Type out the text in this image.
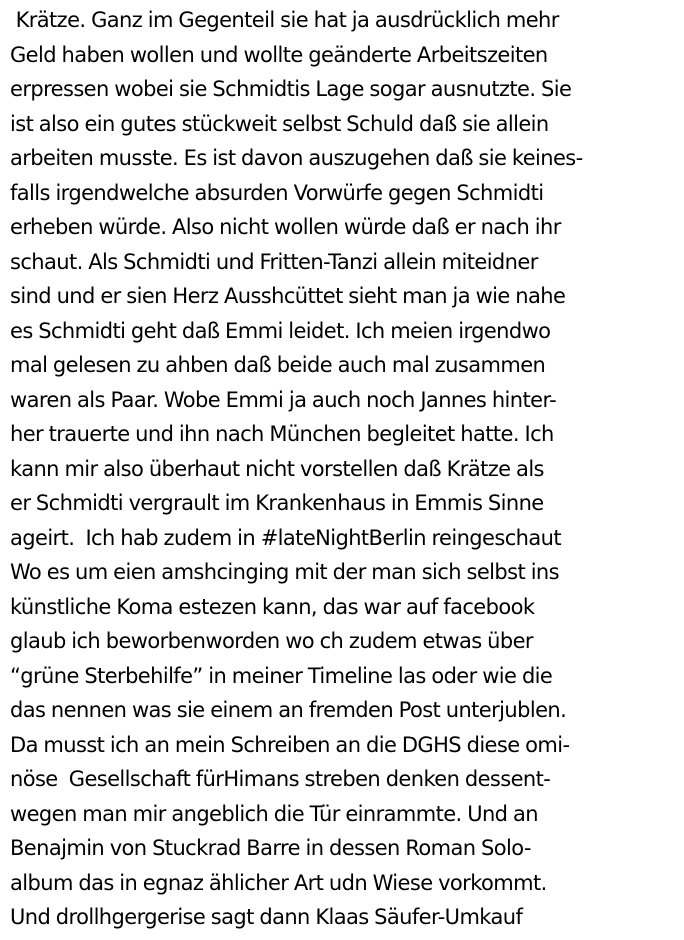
Krätze. Ganz im Gegenteil sie hat ja ausdrücklich mehr
Geld haben wollen und wollte geänderte Arbeitszeiten
erpressen wobei sie Schmidtis Lage sogar ausnutzte. Sie
ist also ein gutes stückweit selbst Schuld daß sie allein
arbeiten musste. Es ist davon auszugehen daß sie keines-
falls irgendwelche absurden Vorwürfe gegen Schmidti
erheben würde. Also nicht wollen würde daß er nach ihr
schaut. Als Schmidti und Fritten-Tanzi allein miteidner
sind und er sien Herz Ausshcüttet sieht man ja wie nahe
es Schmidti geht daß Emmi leidet. Ich meien irgendwo
mal gelesen zu ahben daß beide auch mal zusammen
waren als Paar. Wobe Emmi ja auch noch Jannes hinter-
her trauerte und ihn nach München begleitet hatte. Ich
kann mir also überhaut nicht vorstellen daß Krätze als
er Schmidti vergrault im Krankenhaus in Emmis Sinne
ageirt.  Ich hab zudem in #lateNightBerlin reingeschaut
Wo es um eien amshcinging mit der man sich selbst ins
künstliche Koma estezen kann, das war auf facebook
glaub ich beworbenworden wo ch zudem etwas über
“grüne Sterbehilfe” in meiner Timeline las oder wie die
das nennen was sie einem an fremden Post unterjublen.
Da musst ich an mein Schreiben an die DGHS diese omi-
nöse  Gesellschaft fürHimans streben denken dessent-
wegen man mir angeblich die Tür einrammte. Und an
Benajmin von Stuckrad Barre in dessen Roman Solo-
album das in egnaz ählicher Art udn Wiese vorkommt.
Und drollhgergerise sagt dann Klaas Säufer-Umkauf
